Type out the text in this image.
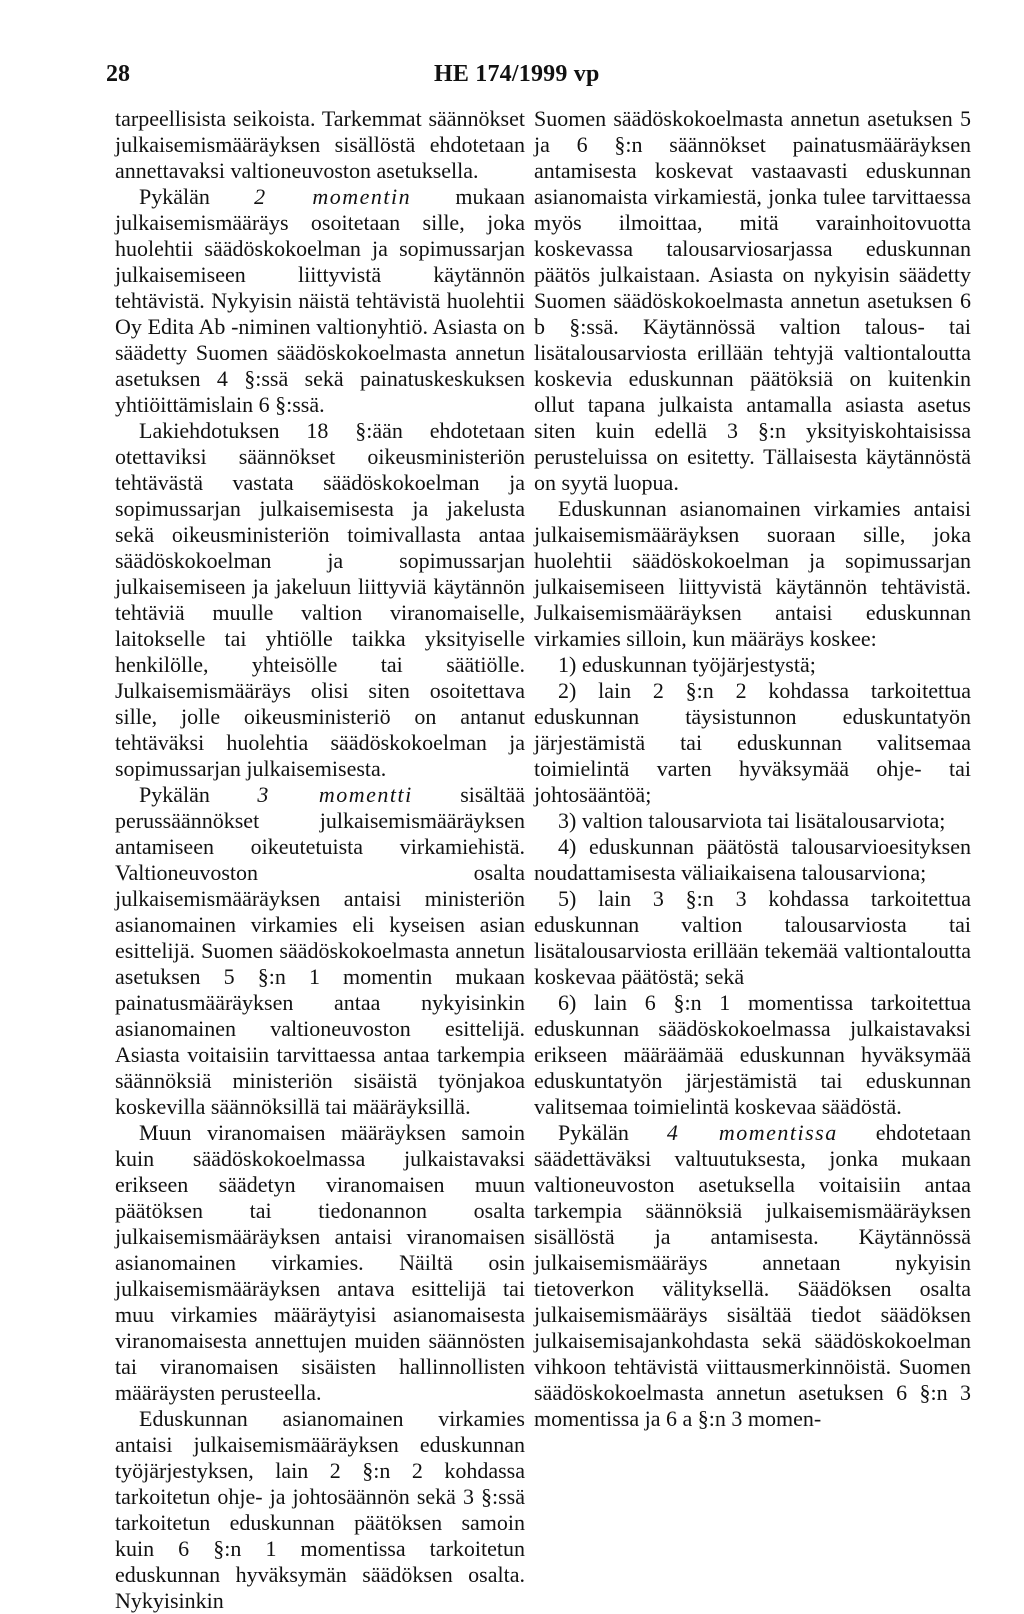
28	HE 174/1999 vp

tarpeellisista seikoista. Tarkemmat säännökset julkaisemismääräyksen sisällöstä ehdotetaan annettavaksi valtioneuvoston asetuksella.

Pykälän 2 momentin mukaan julkaisemismääräys osoitetaan sille, joka huolehtii säädöskokoelman ja sopimussarjan julkaisemiseen liittyvistä käytännön tehtävistä. Nykyisin näistä tehtävistä huolehtii Oy Edita Ab -niminen valtionyhtiö. Asiasta on säädetty Suomen säädöskokoelmasta annetun asetuksen 4 §:ssä sekä painatuskeskuksen yhtiöittämislain 6 §:ssä.

Lakiehdotuksen 18 §:ään ehdotetaan otettaviksi säännökset oikeusministeriön tehtävästä vastata säädöskokoelman ja sopimussarjan julkaisemisesta ja jakelusta sekä oikeusministeriön toimivallasta antaa säädöskokoelman ja sopimussarjan julkaisemiseen ja jakeluun liittyviä käytännön tehtäviä muulle valtion viranomaiselle, laitokselle tai yhtiölle taikka yksityiselle henkilölle, yhteisölle tai säätiölle. Julkaisemismääräys olisi siten osoitettava sille, jolle oikeusministeriö on antanut tehtäväksi huolehtia säädöskokoelman ja sopimussarjan julkaisemisesta.

Pykälän 3 momentti sisältää perussäännökset julkaisemismääräyksen antamiseen oikeutetuista virkamiehistä. Valtioneuvoston osalta julkaisemismääräyksen antaisi ministeriön asianomainen virkamies eli kyseisen asian esittelijä. Suomen säädöskokoelmasta annetun asetuksen 5 §:n 1 momentin mukaan painatusmääräyksen antaa nykyisinkin asianomainen valtioneuvoston esittelijä. Asiasta voitaisiin tarvittaessa antaa tarkempia säännöksiä ministeriön sisäistä työnjakoa koskevilla säännöksillä tai määräyksillä.

Muun viranomaisen määräyksen samoin kuin säädöskokoelmassa julkaistavaksi erikseen säädetyn viranomaisen muun päätöksen tai tiedonannon osalta julkaisemismääräyksen antaisi viranomaisen asianomainen virkamies. Näiltä osin julkaisemismääräyksen antava esittelijä tai muu virkamies määräytyisi asianomaisesta viranomaisesta annettujen muiden säännösten tai viranomaisen sisäisten hallinnollisten määräysten perusteella.

Eduskunnan asianomainen virkamies antaisi julkaisemismääräyksen eduskunnan työjärjestyksen, lain 2 §:n 2 kohdassa tarkoitetun ohje- ja johtosäännön sekä 3 §:ssä tarkoitetun eduskunnan päätöksen samoin kuin 6 §:n 1 momentissa tarkoitetun eduskunnan hyväksymän säädöksen osalta. Nykyisinkin

Suomen säädöskokoelmasta annetun asetuksen 5 ja 6 §:n säännökset painatusmääräyksen antamisesta koskevat vastaavasti eduskunnan asianomaista virkamiestä, jonka tulee tarvittaessa myös ilmoittaa, mitä varainhoitovuotta koskevassa talousarviosarjassa eduskunnan päätös julkaistaan. Asiasta on nykyisin säädetty Suomen säädöskokoelmasta annetun asetuksen 6 b §:ssä. Käytännössä valtion talous- tai lisätalousarviosta erillään tehtyjä valtiontaloutta koskevia eduskunnan päätöksiä on kuitenkin ollut tapana julkaista antamalla asiasta asetus siten kuin edellä 3 §:n yksityiskohtaisissa perusteluissa on esitetty. Tällaisesta käytännöstä on syytä luopua.

Eduskunnan asianomainen virkamies antaisi julkaisemismääräyksen suoraan sille, joka huolehtii säädöskokoelman ja sopimussarjan julkaisemiseen liittyvistä käytännön tehtävistä. Julkaisemismääräyksen antaisi eduskunnan virkamies silloin, kun määräys koskee:

1) eduskunnan työjärjestystä;

2) lain 2 §:n 2 kohdassa tarkoitettua eduskunnan täysistunnon eduskuntatyön järjestämistä tai eduskunnan valitsemaa toimielintä varten hyväksymää ohje- tai johtosääntöä;

3) valtion talousarviota tai lisätalousarviota;

4) eduskunnan päätöstä talousarvioesityksen noudattamisesta väliaikaisena talousarviona;

5) lain 3 §:n 3 kohdassa tarkoitettua eduskunnan valtion talousarviosta tai lisätalousarviosta erillään tekemää valtiontaloutta koskevaa päätöstä; sekä

6) lain 6 §:n 1 momentissa tarkoitettua eduskunnan säädöskokoelmassa julkaistavaksi erikseen määräämää eduskunnan hyväksymää eduskuntatyön järjestämistä tai eduskunnan valitsemaa toimielintä koskevaa säädöstä.

Pykälän 4 momentissa ehdotetaan säädettäväksi valtuutuksesta, jonka mukaan valtioneuvoston asetuksella voitaisiin antaa tarkempia säännöksiä julkaisemismääräyksen sisällöstä ja antamisesta. Käytännössä julkaisemismääräys annetaan nykyisin tietoverkon välityksellä. Säädöksen osalta julkaisemismääräys sisältää tiedot säädöksen julkaisemisajankohdasta sekä säädöskokoelman vihkoon tehtävistä viittausmerkinnöistä. Suomen säädöskokoelmasta annetun asetuksen 6 §:n 3 momentissa ja 6 a §:n 3 momen-
